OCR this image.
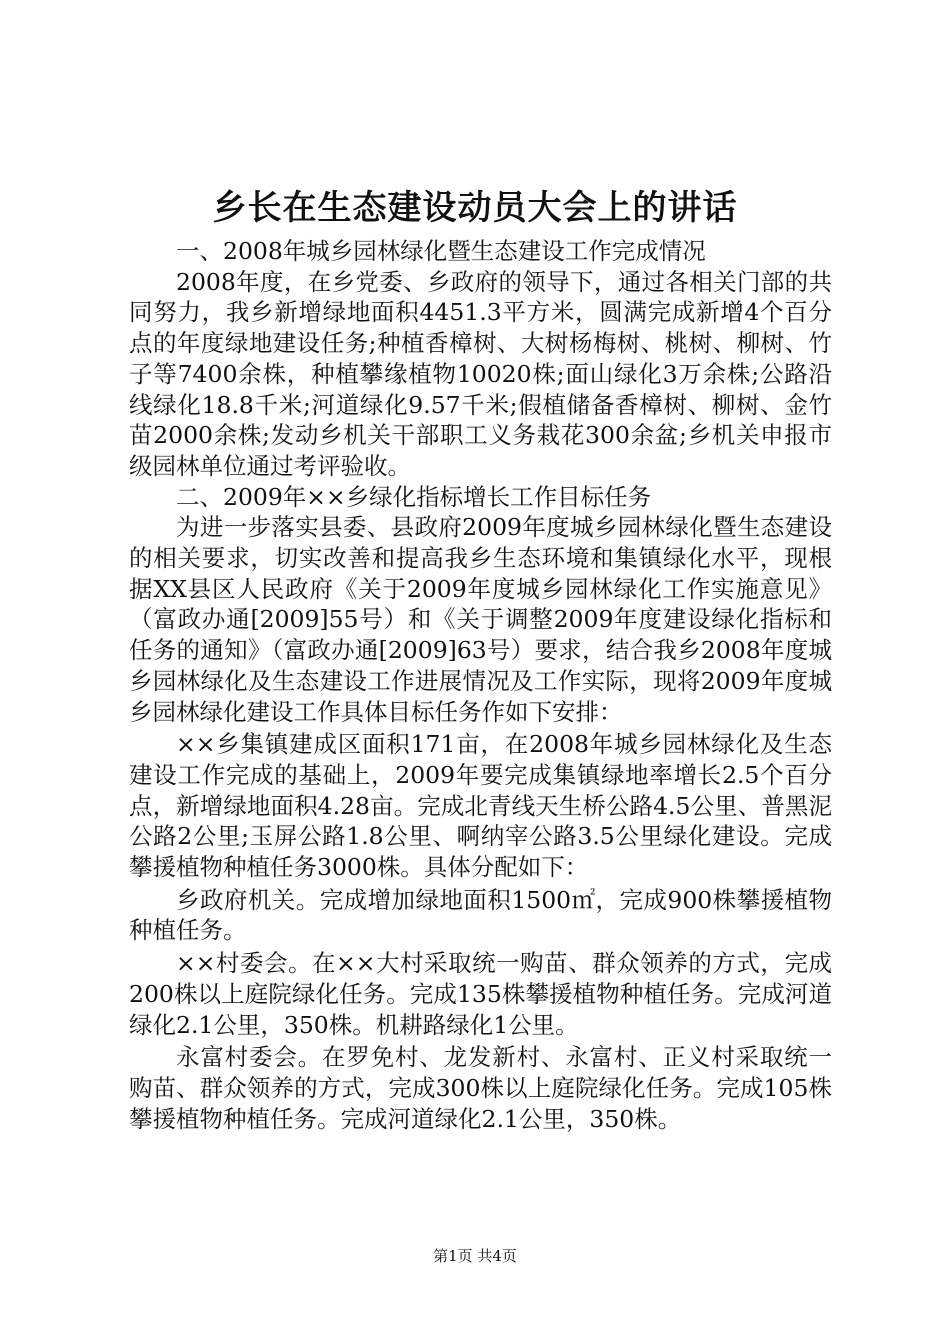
乡长在生态建设动员大会上的讲话

一、2008年城乡园林绿化暨生态建设工作完成情况

2008年度，在乡党委、乡政府的领导下，通过各相关门部的共同努力，我乡新增绿地面积4451.3平方米，圆满完成新增4个百分点的年度绿地建设任务;种植香樟树、大树杨梅树、桃树、柳树、竹子等7400余株，种植攀缘植物10020株;面山绿化3万余株;公路沿线绿化18.8千米;河道绿化9.57千米;假植储备香樟树、柳树、金竹苗2000余株;发动乡机关干部职工义务栽花300余盆;乡机关申报市级园林单位通过考评验收。

二、2009年××乡绿化指标增长工作目标任务

为进一步落实县委、县政府2009年度城乡园林绿化暨生态建设的相关要求，切实改善和提高我乡生态环境和集镇绿化水平，现根据XX县区人民政府《关于2009年度城乡园林绿化工作实施意见》（富政办通[2009]55号）和《关于调整2009年度建设绿化指标和任务的通知》（富政办通[2009]63号）要求，结合我乡2008年度城乡园林绿化及生态建设工作进展情况及工作实际，现将2009年度城乡园林绿化建设工作具体目标任务作如下安排：

××乡集镇建成区面积171亩，在2008年城乡园林绿化及生态建设工作完成的基础上，2009年要完成集镇绿地率增长2.5个百分点，新增绿地面积4.28亩。完成北青线天生桥公路4.5公里、普黑泥公路2公里;玉屏公路1.8公里、啊纳宰公路3.5公里绿化建设。完成攀援植物种植任务3000株。具体分配如下：

乡政府机关。完成增加绿地面积1500㎡，完成900株攀援植物种植任务。

××村委会。在××大村采取统一购苗、群众领养的方式，完成200株以上庭院绿化任务。完成135株攀援植物种植任务。完成河道绿化2.1公里，350株。机耕路绿化1公里。

永富村委会。在罗免村、龙发新村、永富村、正义村采取统一购苗、群众领养的方式，完成300株以上庭院绿化任务。完成105株攀援植物种植任务。完成河道绿化2.1公里，350株。

第1页 共4页
